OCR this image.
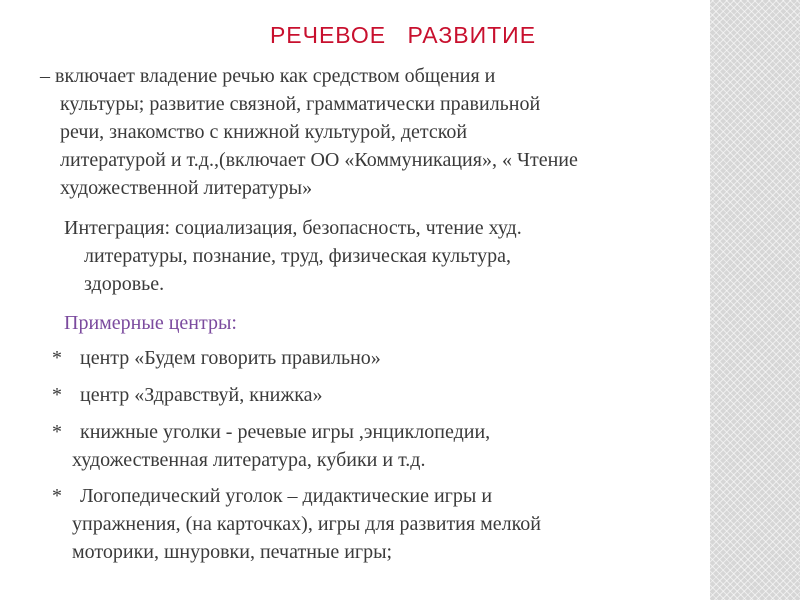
РЕЧЕВОЕ РАЗВИТИЕ
– включает владение речью как средством общения и
культуры; развитие связной, грамматически правильной
речи, знакомство с книжной культурой, детской
литературой и т.д.,(включает ОО «Коммуникация», « Чтение
художественной литературы»
Интеграция: социализация, безопасность, чтение худ.
литературы, познание, труд, физическая культура,
здоровье.
Примерные центры:
* центр «Будем говорить правильно»
* центр «Здравствуй, книжка»
* книжные уголки - речевые игры ,энциклопедии,
художественная литература, кубики и т.д.
* Логопедический уголок – дидактические игры и
упражнения, (на карточках), игры для развития мелкой
моторики, шнуровки, печатные игры;
